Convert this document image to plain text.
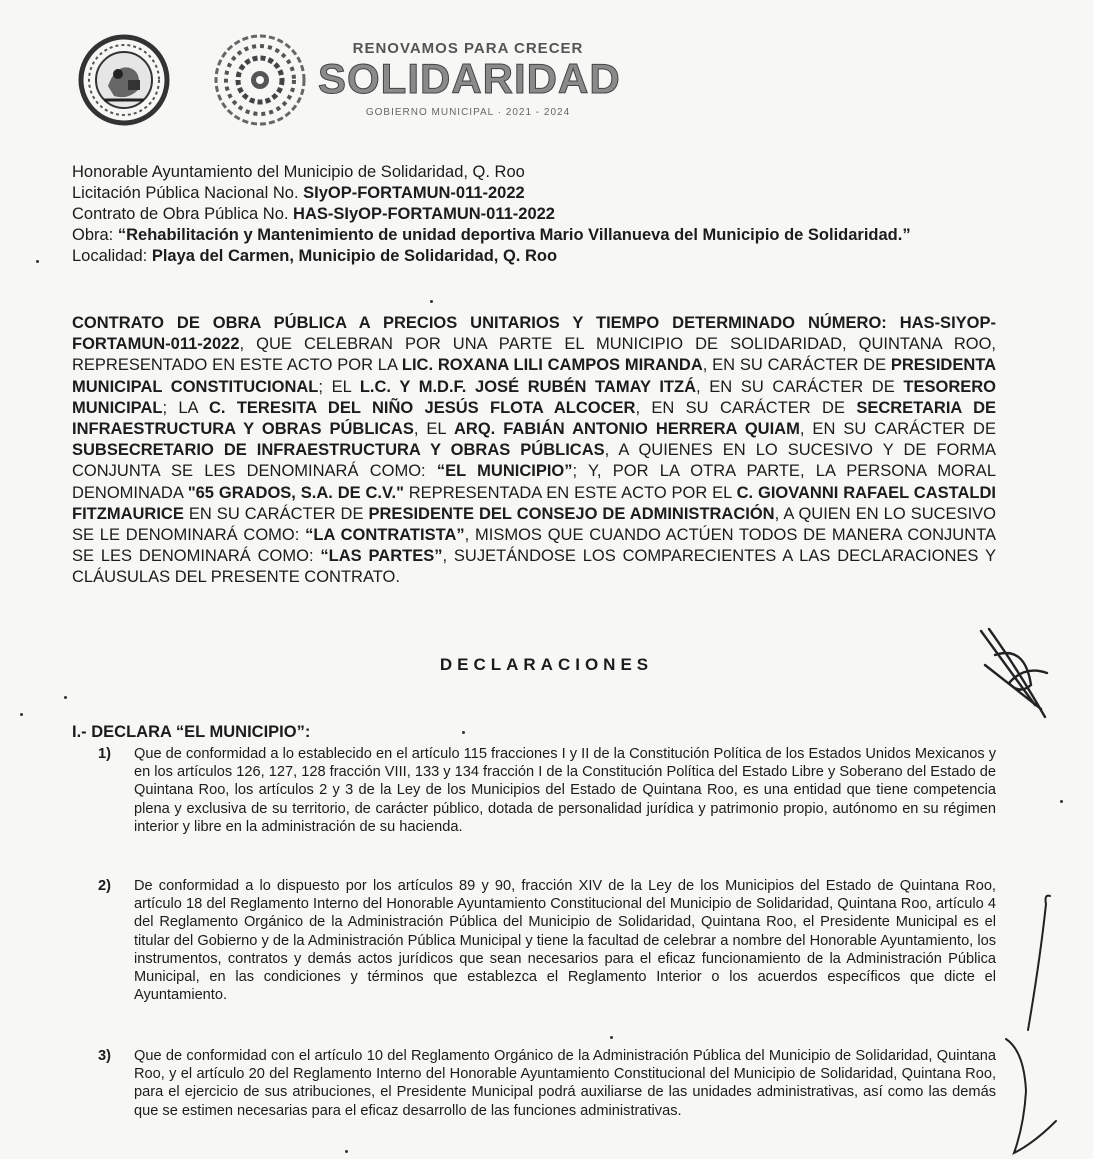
RENOVAMOS PARA CRECER
SOLIDARIDAD
GOBIERNO MUNICIPAL · 2021 - 2024
Honorable Ayuntamiento del Municipio de Solidaridad, Q. Roo
Licitación Pública Nacional No. SIyOP-FORTAMUN-011-2022
Contrato de Obra Pública No. HAS-SIyOP-FORTAMUN-011-2022
Obra: “Rehabilitación y Mantenimiento de unidad deportiva Mario Villanueva del Municipio de Solidaridad.”
Localidad: Playa del Carmen, Municipio de Solidaridad, Q. Roo
CONTRATO DE OBRA PÚBLICA A PRECIOS UNITARIOS Y TIEMPO DETERMINADO NÚMERO: HAS-SIYOP-FORTAMUN-011-2022, QUE CELEBRAN POR UNA PARTE EL MUNICIPIO DE SOLIDARIDAD, QUINTANA ROO, REPRESENTADO EN ESTE ACTO POR LA LIC. ROXANA LILI CAMPOS MIRANDA, EN SU CARÁCTER DE PRESIDENTA MUNICIPAL CONSTITUCIONAL; EL L.C. Y M.D.F. JOSÉ RUBÉN TAMAY ITZÁ, EN SU CARÁCTER DE TESORERO MUNICIPAL; LA C. TERESITA DEL NIÑO JESÚS FLOTA ALCOCER, EN SU CARÁCTER DE SECRETARIA DE INFRAESTRUCTURA Y OBRAS PÚBLICAS, EL ARQ. FABIÁN ANTONIO HERRERA QUIAM, EN SU CARÁCTER DE SUBSECRETARIO DE INFRAESTRUCTURA Y OBRAS PÚBLICAS, A QUIENES EN LO SUCESIVO Y DE FORMA CONJUNTA SE LES DENOMINARÁ COMO: “EL MUNICIPIO”; Y, POR LA OTRA PARTE, LA PERSONA MORAL DENOMINADA "65 GRADOS, S.A. DE C.V." REPRESENTADA EN ESTE ACTO POR EL C. GIOVANNI RAFAEL CASTALDI FITZMAURICE EN SU CARÁCTER DE PRESIDENTE DEL CONSEJO DE ADMINISTRACIÓN, A QUIEN EN LO SUCESIVO SE LE DENOMINARÁ COMO: “LA CONTRATISTA”, MISMOS QUE CUANDO ACTÚEN TODOS DE MANERA CONJUNTA SE LES DENOMINARÁ COMO: “LAS PARTES”, SUJETÁNDOSE LOS COMPARECIENTES A LAS DECLARACIONES Y CLÁUSULAS DEL PRESENTE CONTRATO.
DECLARACIONES
I.- DECLARA “EL MUNICIPIO”:
1) Que de conformidad a lo establecido en el artículo 115 fracciones I y II de la Constitución Política de los Estados Unidos Mexicanos y en los artículos 126, 127, 128 fracción VIII, 133 y 134 fracción I de la Constitución Política del Estado Libre y Soberano del Estado de Quintana Roo, los artículos 2 y 3 de la Ley de los Municipios del Estado de Quintana Roo, es una entidad que tiene competencia plena y exclusiva de su territorio, de carácter público, dotada de personalidad jurídica y patrimonio propio, autónomo en su régimen interior y libre en la administración de su hacienda.
2) De conformidad a lo dispuesto por los artículos 89 y 90, fracción XIV de la Ley de los Municipios del Estado de Quintana Roo, artículo 18 del Reglamento Interno del Honorable Ayuntamiento Constitucional del Municipio de Solidaridad, Quintana Roo, artículo 4 del Reglamento Orgánico de la Administración Pública del Municipio de Solidaridad, Quintana Roo, el Presidente Municipal es el titular del Gobierno y de la Administración Pública Municipal y tiene la facultad de celebrar a nombre del Honorable Ayuntamiento, los instrumentos, contratos y demás actos jurídicos que sean necesarios para el eficaz funcionamiento de la Administración Pública Municipal, en las condiciones y términos que establezca el Reglamento Interior o los acuerdos específicos que dicte el Ayuntamiento.
3) Que de conformidad con el artículo 10 del Reglamento Orgánico de la Administración Pública del Municipio de Solidaridad, Quintana Roo, y el artículo 20 del Reglamento Interno del Honorable Ayuntamiento Constitucional del Municipio de Solidaridad, Quintana Roo, para el ejercicio de sus atribuciones, el Presidente Municipal podrá auxiliarse de las unidades administrativas, así como las demás que se estimen necesarias para el eficaz desarrollo de las funciones administrativas.
